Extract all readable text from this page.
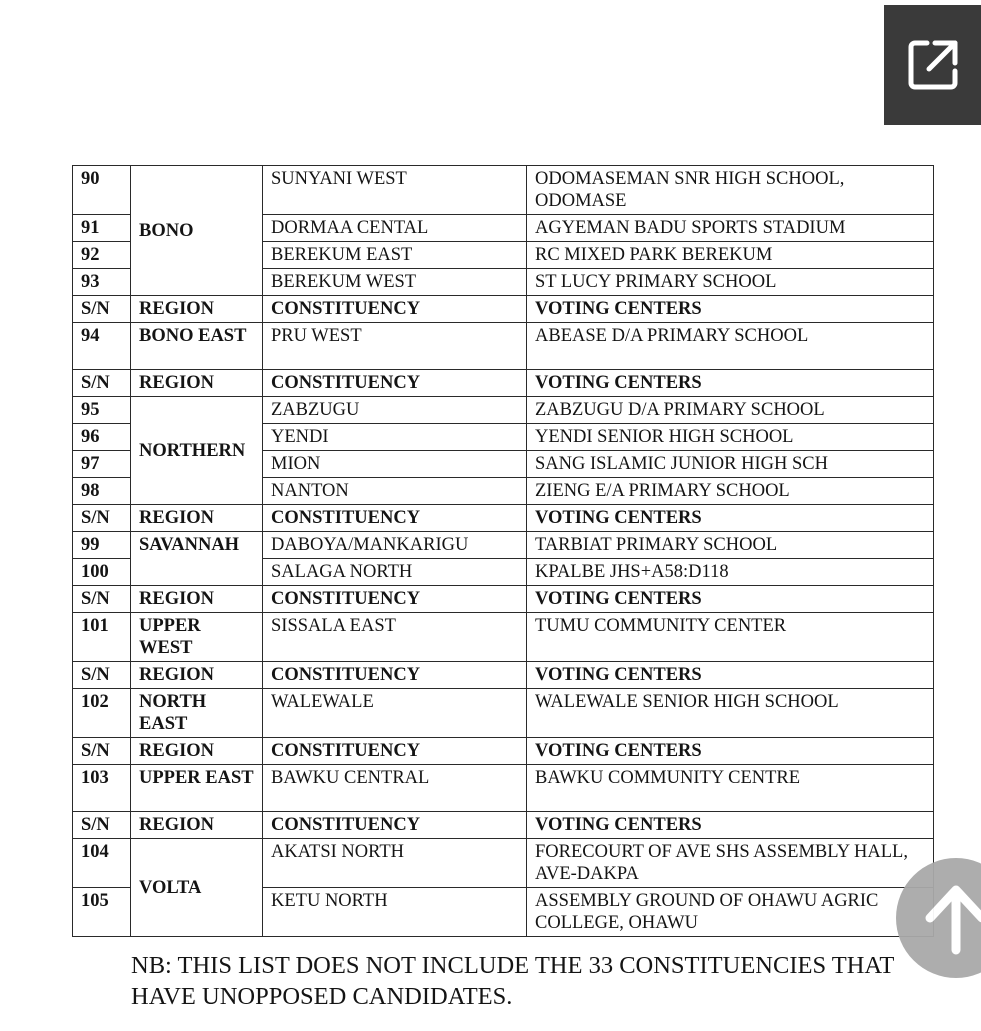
90	BONO	SUNYANI WEST	ODOMASEMAN SNR HIGH SCHOOL, ODOMASE
91		DORMAA CENTAL	AGYEMAN BADU SPORTS STADIUM
92		BEREKUM EAST	RC MIXED PARK BEREKUM
93		BEREKUM WEST	ST LUCY PRIMARY SCHOOL
S/N	REGION	CONSTITUENCY	VOTING CENTERS
94	BONO EAST	PRU WEST	ABEASE D/A PRIMARY SCHOOL
S/N	REGION	CONSTITUENCY	VOTING CENTERS
95	NORTHERN	ZABZUGU	ZABZUGU D/A PRIMARY SCHOOL
96		YENDI	YENDI SENIOR HIGH SCHOOL
97		MION	SANG ISLAMIC JUNIOR HIGH SCH
98		NANTON	ZIENG E/A PRIMARY SCHOOL
S/N	REGION	CONSTITUENCY	VOTING CENTERS
99	SAVANNAH	DABOYA/MANKARIGU	TARBIAT PRIMARY SCHOOL
100		SALAGA NORTH	KPALBE JHS+A58:D118
S/N	REGION	CONSTITUENCY	VOTING CENTERS
101	UPPER WEST	SISSALA EAST	TUMU COMMUNITY CENTER
S/N	REGION	CONSTITUENCY	VOTING CENTERS
102	NORTH EAST	WALEWALE	WALEWALE SENIOR HIGH SCHOOL
S/N	REGION	CONSTITUENCY	VOTING CENTERS
103	UPPER EAST	BAWKU CENTRAL	BAWKU COMMUNITY CENTRE
S/N	REGION	CONSTITUENCY	VOTING CENTERS
104	VOLTA	AKATSI NORTH	FORECOURT OF AVE SHS ASSEMBLY HALL, AVE-DAKPA
105		KETU NORTH	ASSEMBLY GROUND OF OHAWU AGRIC COLLEGE, OHAWU
NB: THIS LIST DOES NOT INCLUDE THE 33 CONSTITUENCIES THAT HAVE UNOPPOSED CANDIDATES.
